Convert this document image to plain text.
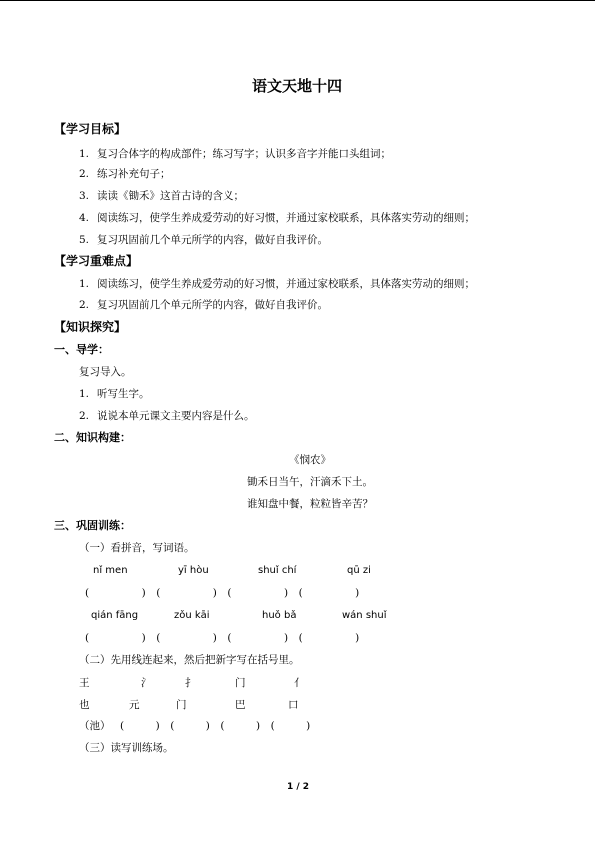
语文天地十四
【学习目标】
1. 复习合体字的构成部件；练习写字；认识多音字并能口头组词；
2. 练习补充句子；
3. 读读《锄禾》这首古诗的含义；
4. 阅读练习，使学生养成爱劳动的好习惯，并通过家校联系，具体落实劳动的细则；
5. 复习巩固前几个单元所学的内容，做好自我评价。
【学习重难点】
1. 阅读练习，使学生养成爱劳动的好习惯，并通过家校联系，具体落实劳动的细则；
2. 复习巩固前几个单元所学的内容，做好自我评价。
【知识探究】
一、导学：
复习导入。
1. 听写生字。
2. 说说本单元课文主要内容是什么。
二、知识构建：
《悯农》
锄禾日当午，汗滴禾下土。
谁知盘中餐，粒粒皆辛苦？
三、巩固训练：
（一）看拼音，写词语。
nǐ men	yī hòu	shuǐ chí	qū zi
(　　　　　)　(　　　　　)　(　　　　　)　(　　　　　)
qián fāng	zǒu kāi	huǒ bǎ	wán shuǐ
(　　　　　)　(　　　　　)　(　　　　　)　(　　　　　)
（二）先用线连起来，然后把新字写在括号里。
王	氵	扌	门	亻
也	元	门	巴	口
（池） (　　　)　(　　　)　(　　　)　(　　　)
（三）读写训练场。
1 / 2
